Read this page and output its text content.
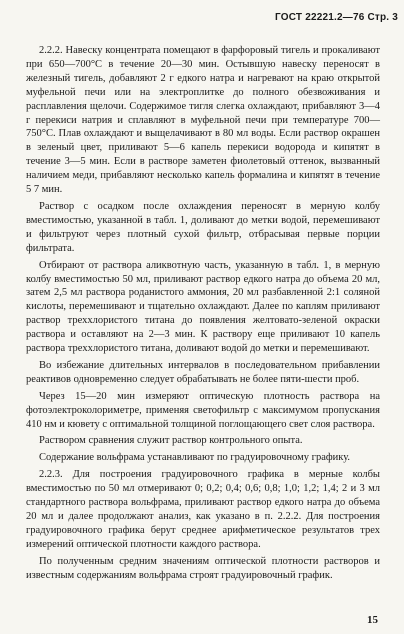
ГОСТ 22221.2—76 Стр. 3

2.2.2. Навеску концентрата помещают в фарфоровый тигель и прокаливают при 650—700°С в течение 20—30 мин. Остывшую навеску переносят в железный тигель, добавляют 2 г едкого натра и нагревают на краю открытой муфельной печи или на электроплитке до полного обезвоживания и расплавления щелочи. Содержимое тигля слегка охлаждают, прибавляют 3—4 г перекиси натрия и сплавляют в муфельной печи при температуре 700—750°С. Плав охлаждают и выщелачивают в 80 мл воды. Если раствор окрашен в зеленый цвет, приливают 5—6 капель перекиси водорода и кипятят в течение 3—5 мин. Если в растворе заметен фиолетовый оттенок, вызванный наличием меди, прибавляют несколько капель формалина и кипятят в течение 5 7 мин.

Раствор с осадком после охлаждения переносят в мерную колбу вместимостью, указанной в табл. 1, доливают до метки водой, перемешивают и фильтруют через плотный сухой фильтр, отбрасывая первые порции фильтрата.

Отбирают от раствора аликвотную часть, указанную в табл. 1, в мерную колбу вместимостью 50 мл, приливают раствор едкого натра до объема 20 мл, затем 2,5 мл раствора роданистого аммония, 20 мл разбавленной 2:1 соляной кислоты, перемешивают и тщательно охлаждают. Далее по каплям приливают раствор треххлористого титана до появления желтовато-зеленой окраски раствора и оставляют на 2—3 мин. К раствору еще приливают 10 капель раствора треххлористого титана, доливают водой до метки и перемешивают.

Во избежание длительных интервалов в последовательном прибавлении реактивов одновременно следует обрабатывать не более пяти-шести проб.

Через 15—20 мин измеряют оптическую плотность раствора на фотоэлектроколориметре, применяя светофильтр с максимумом пропускания 410 нм и кювету с оптимальной толщиной поглощающего свет слоя раствора.

Раствором сравнения служит раствор контрольного опыта.

Содержание вольфрама устанавливают по градуировочному графику.

2.2.3. Для построения градуировочного графика в мерные колбы вместимостью по 50 мл отмеривают 0; 0,2; 0,4; 0,6; 0,8; 1,0; 1,2; 1,4; 2 и 3 мл стандартного раствора вольфрама, приливают раствор едкого натра до объема 20 мл и далее продолжают анализ, как указано в п. 2.2.2. Для построения градуировочного графика берут среднее арифметическое результатов трех измерений оптической плотности каждого раствора.

По полученным средним значениям оптической плотности растворов и известным содержаниям вольфрама строят градуировочный график.

15
